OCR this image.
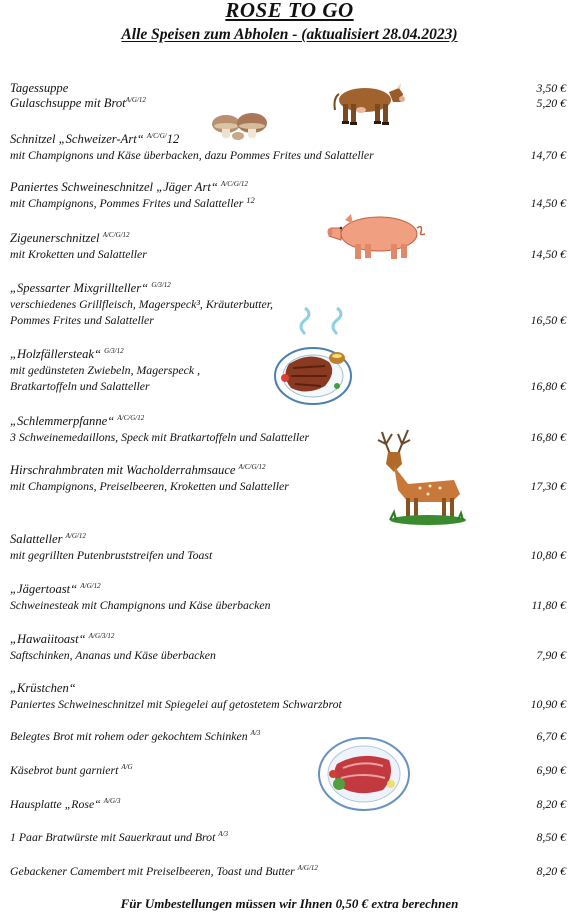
ROSE TO GO
Alle Speisen zum Abholen - (aktualisiert 28.04.2023)
Tagessuppe	3,50 €
Gulaschsuppe mit Brot$^{A/G/12}$	5,20 €
Schnitzel „Schweizer-Art“ $^{A/C/G/}$12
mit Champignons und Käse überbacken, dazu Pommes Frites und Salatteller	14,70 €
Paniertes Schweineschnitzel „Jäger Art“ $^{A/C/G/12}$
mit Champignons, Pommes Frites und Salatteller $^{12}$	14,50 €
Zigeunerschnitzel $^{A/C/G/12}$
mit Kroketten und Salatteller	14,50 €
„Spessarter Mixgrillteller“ $^{G/3/12}$
verschiedenes Grillfleisch, Magerspeck³, Kräuterbutter,
Pommes Frites und Salatteller	16,50 €
„Holzfällersteak“ $^{G/3/12}$
mit gedünsteten Zwiebeln, Magerspeck ,
Bratkartoffeln und Salatteller	16,80 €
„Schlemmerpfanne“ $^{A/C/G/12}$
3 Schweinemedaillons, Speck mit Bratkartoffeln und Salatteller	16,80 €
Hirschrahmbraten mit Wacholderrahmsauce $^{A/C/G/12}$
mit Champignons, Preiselbeeren, Kroketten und Salatteller	17,30 €
Salatteller $^{A/G/12}$
mit gegrillten Putenbruststreifen und Toast	10,80 €
„Jägertoast“ $^{A/G/12}$
Schweinesteak mit Champignons und Käse überbacken	11,80 €
„Hawaiitoast“ $^{A/G/3/12}$
Saftschinken, Ananas und Käse überbacken	7,90 €
„Krüstchen“
Paniertes Schweineschnitzel mit Spiegelei auf getostetem Schwarzbrot	10,90 €
Belegtes Brot mit rohem oder gekochtem Schinken $^{A/3}$	6,70 €
Käsebrot bunt garniert $^{A/G}$	6,90 €
Hausplatte „Rose“ $^{A/G/3}$	8,20 €
1 Paar Bratwürste mit Sauerkraut und Brot $^{A/3}$	8,50 €
Gebackener Camembert mit Preiselbeeren, Toast und Butter $^{A/G/12}$	8,20 €
Für Umbestellungen müssen wir Ihnen 0,50 € extra berechnen
